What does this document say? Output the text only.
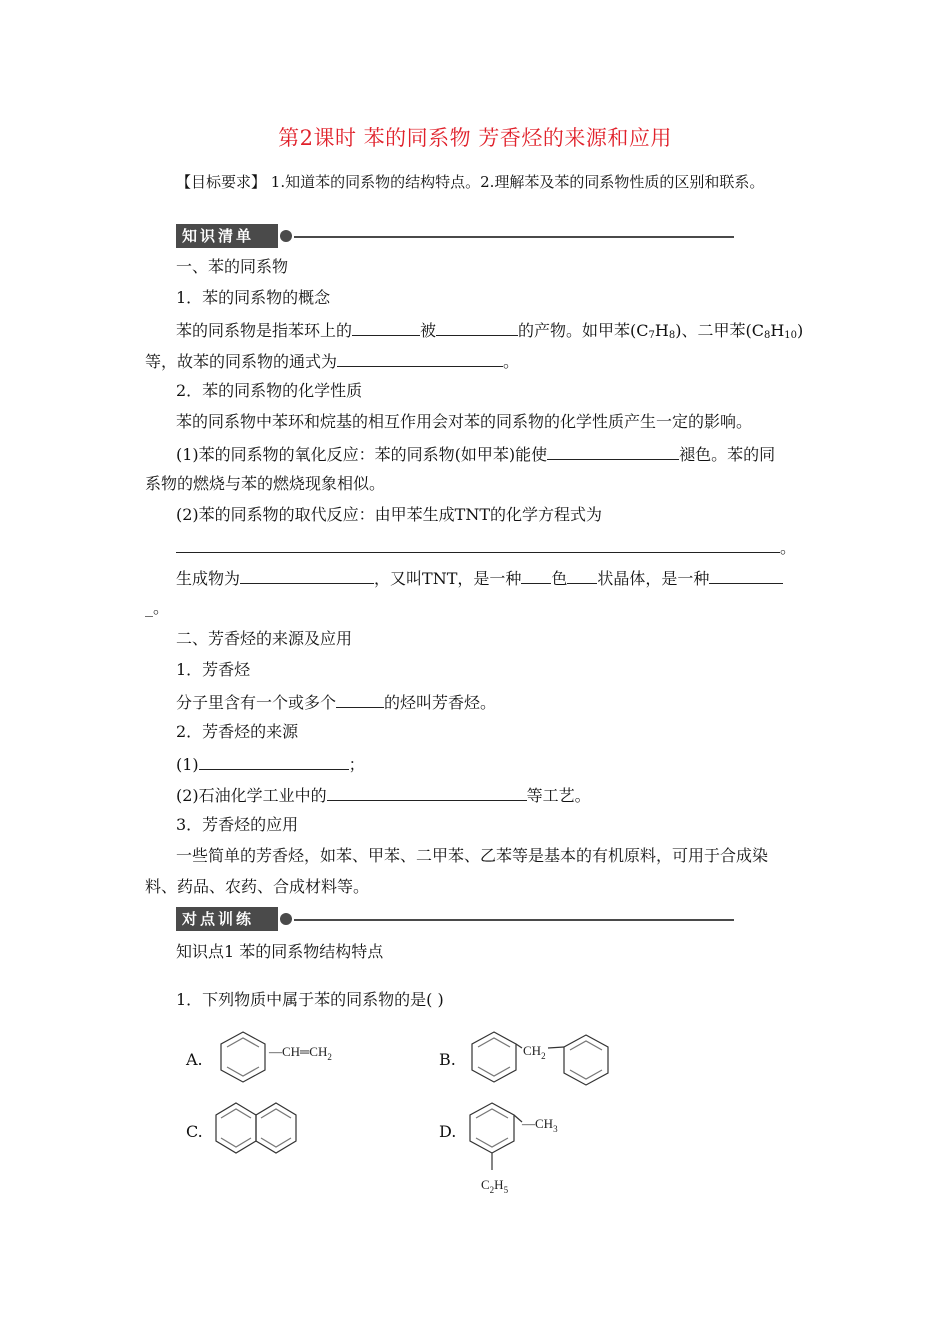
第2课时 苯的同系物 芳香烃的来源和应用
【目标要求】 1.知道苯的同系物的结构特点。2.理解苯及苯的同系物性质的区别和联系。
知识清单
一、苯的同系物
1．苯的同系物的概念
苯的同系物是指苯环上的	被	的产物。如甲苯$(C_7H_8)$、二甲苯$(C_8H_{10})$
等，故苯的同系物的通式为	。
2．苯的同系物的化学性质
苯的同系物中苯环和烷基的相互作用会对苯的同系物的化学性质产生一定的影响。
(1)苯的同系物的氧化反应：苯的同系物(如甲苯)能使	褪色。苯的同
系物的燃烧与苯的燃烧现象相似。
(2)苯的同系物的取代反应：由甲苯生成TNT的化学方程式为
。
生成物为	，又叫TNT，是一种 色 状晶体，是一种
_。
二、芳香烃的来源及应用
1．芳香烃
分子里含有一个或多个	的烃叫芳香烃。
2．芳香烃的来源
(1)	；
(2)石油化学工业中的	等工艺。
3．芳香烃的应用
一些简单的芳香烃，如苯、甲苯、二甲苯、乙苯等是基本的有机原料，可用于合成染
料、药品、农药、合成材料等。
对点训练
知识点1 苯的同系物结构特点
1．下列物质中属于苯的同系物的是( )
A.	$—CH═CH_2$	B.	$CH_2$
C.	D.	$—CH_3$
$C_2H_5$
